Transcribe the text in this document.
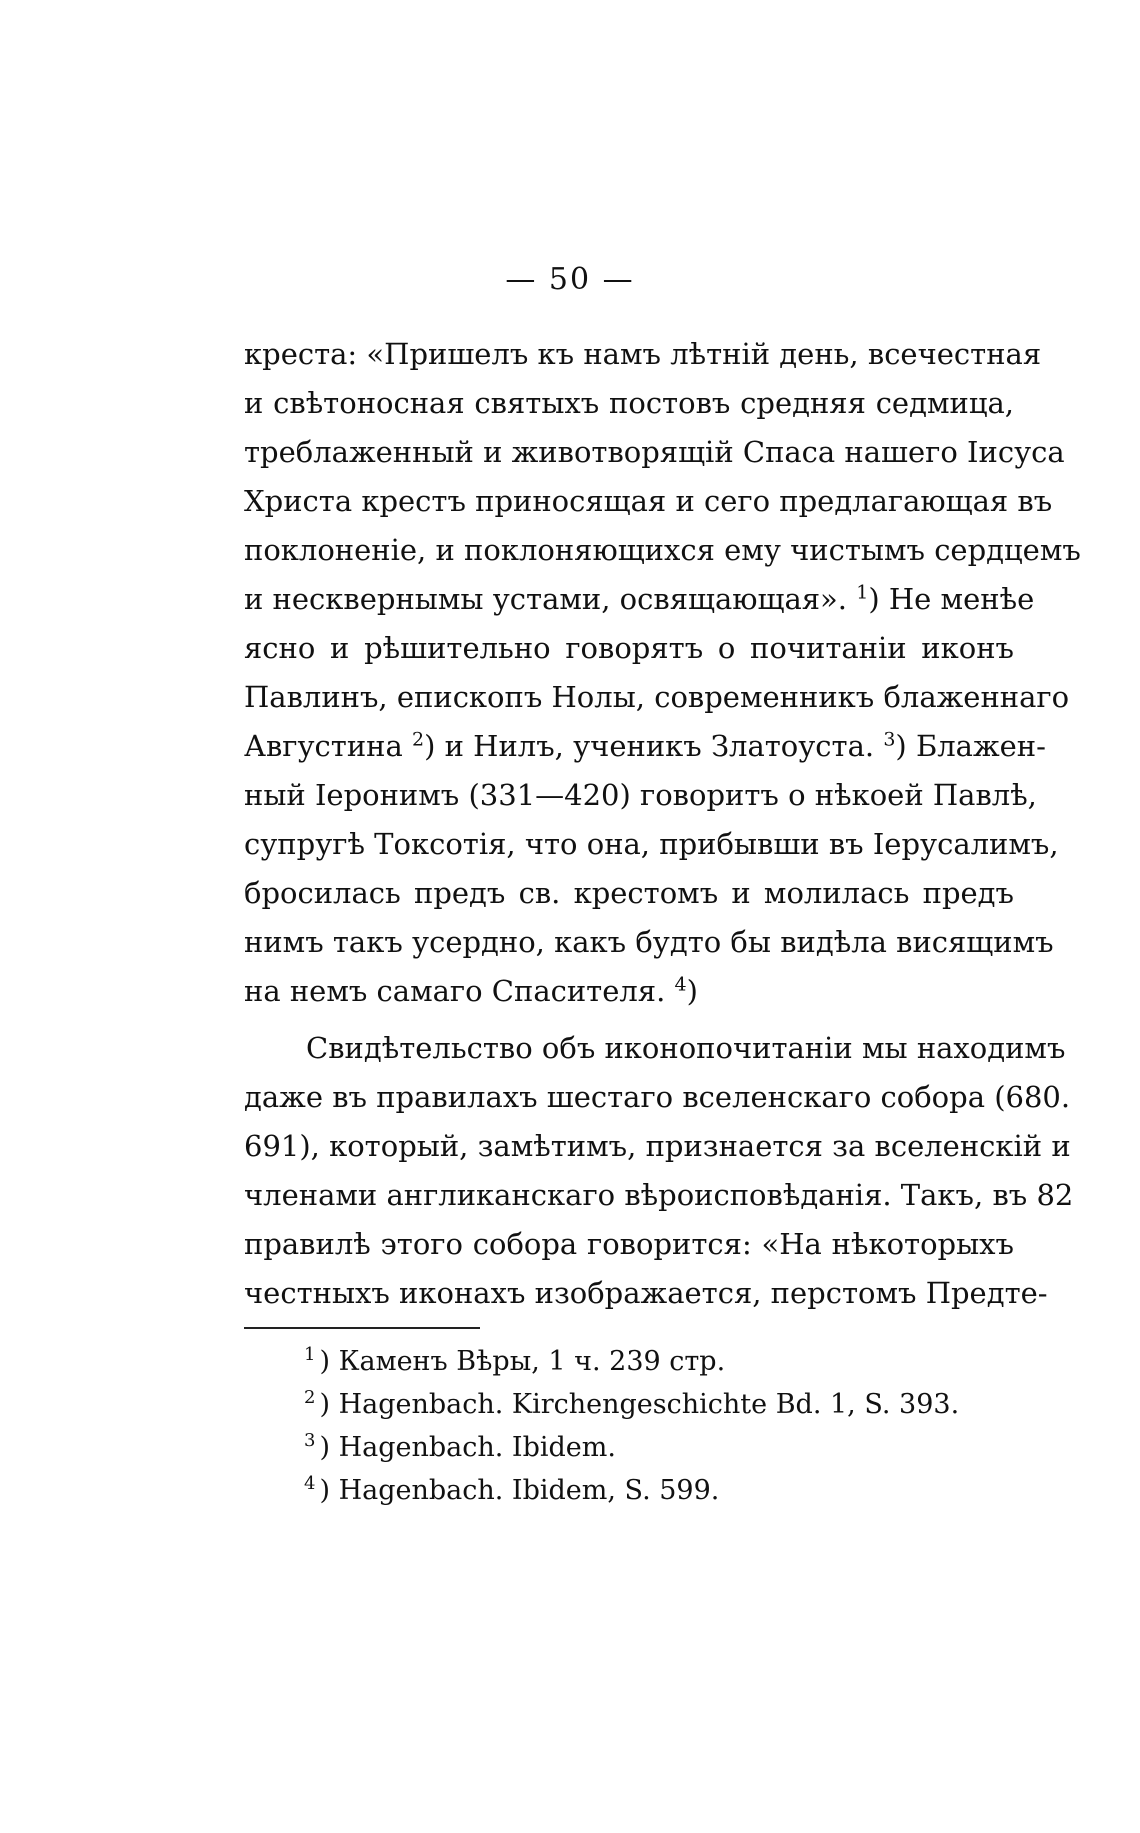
— 50 —
креста: «Пришелъ къ намъ лѣтній день, всечестная
и свѣтоносная святыхъ постовъ средняя седмица,
треблаженный и животворящій Спаса нашего Іисуса
Христа крестъ приносящая и сего предлагающая въ
поклоненіе, и поклоняющихся ему чистымъ сердцемъ
и несквернымы устами, освящающая». $^1$) Не менѣе
ясно и рѣшительно говорятъ о почитаніи иконъ
Павлинъ, епископъ Нолы, современникъ блаженнаго
Августина $^2$) и Нилъ, ученикъ Златоуста. $^3$) Блажен-
ный Іеронимъ (331—420) говоритъ о нѣкоей Павлѣ,
супругѣ Токсотія, что она, прибывши въ Іерусалимъ,
бросилась предъ св. крестомъ и молилась предъ
нимъ такъ усердно, какъ будто бы видѣла висящимъ
на немъ самаго Спасителя. $^4$)
Свидѣтельство объ иконопочитаніи мы находимъ
даже въ правилахъ шестаго вселенскаго собора (680.
691), который, замѣтимъ, признается за вселенскій и
членами англиканскаго вѣроисповѣданія. Такъ, въ 82
правилѣ этого собора говорится: «На нѣкоторыхъ
честныхъ иконахъ изображается, перстомъ Предте-
$^1$ ) Каменъ Вѣры, 1 ч. 239 стр.
$^2$ ) Hagenbach. Kirchengeschichte Bd. 1, S. 393.
$^3$ ) Hagenbach. Ibidem.
$^4$ ) Hagenbach. Ibidem, S. 599.
